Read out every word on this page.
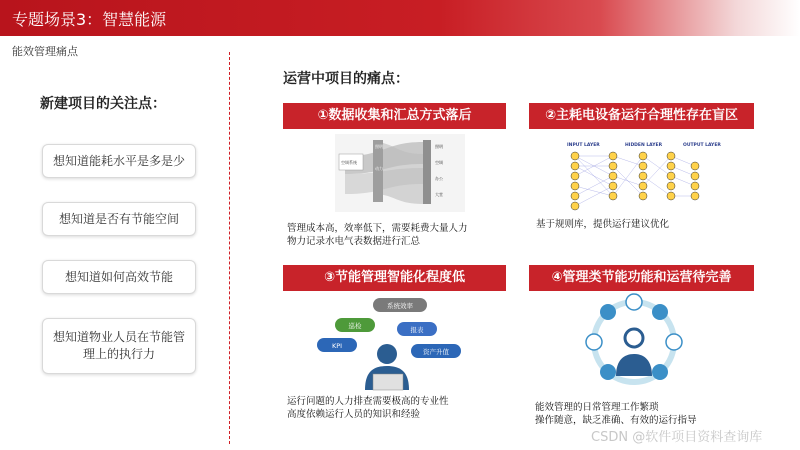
专题场景3：智慧能源
能效管理痛点
新建项目的关注点：
想知道能耗水平是多是少
想知道是否有节能空间
想知道如何高效节能
想知道物业人员在节能管理上的执行力
运营中项目的痛点：
①数据收集和汇总方式落后
空调系统
照明
动力
照明
空调
办公
大堂
管理成本高，效率低下，需要耗费大量人力
物力记录水电气表数据进行汇总
②主耗电设备运行合理性存在盲区
INPUT LAYER	HIDDEN LAYER	OUTPUT LAYER
基于规则库，提供运行建议优化
③节能管理智能化程度低
系统效率
巡检	报表
KPI
资产升值
运行问题的人力排查需要极高的专业性
高度依赖运行人员的知识和经验
④管理类节能功能和运营待完善
能效管理的日常管理工作繁琐
操作随意，缺乏准确、有效的运行指导
CSDN @软件项目资料查询库
